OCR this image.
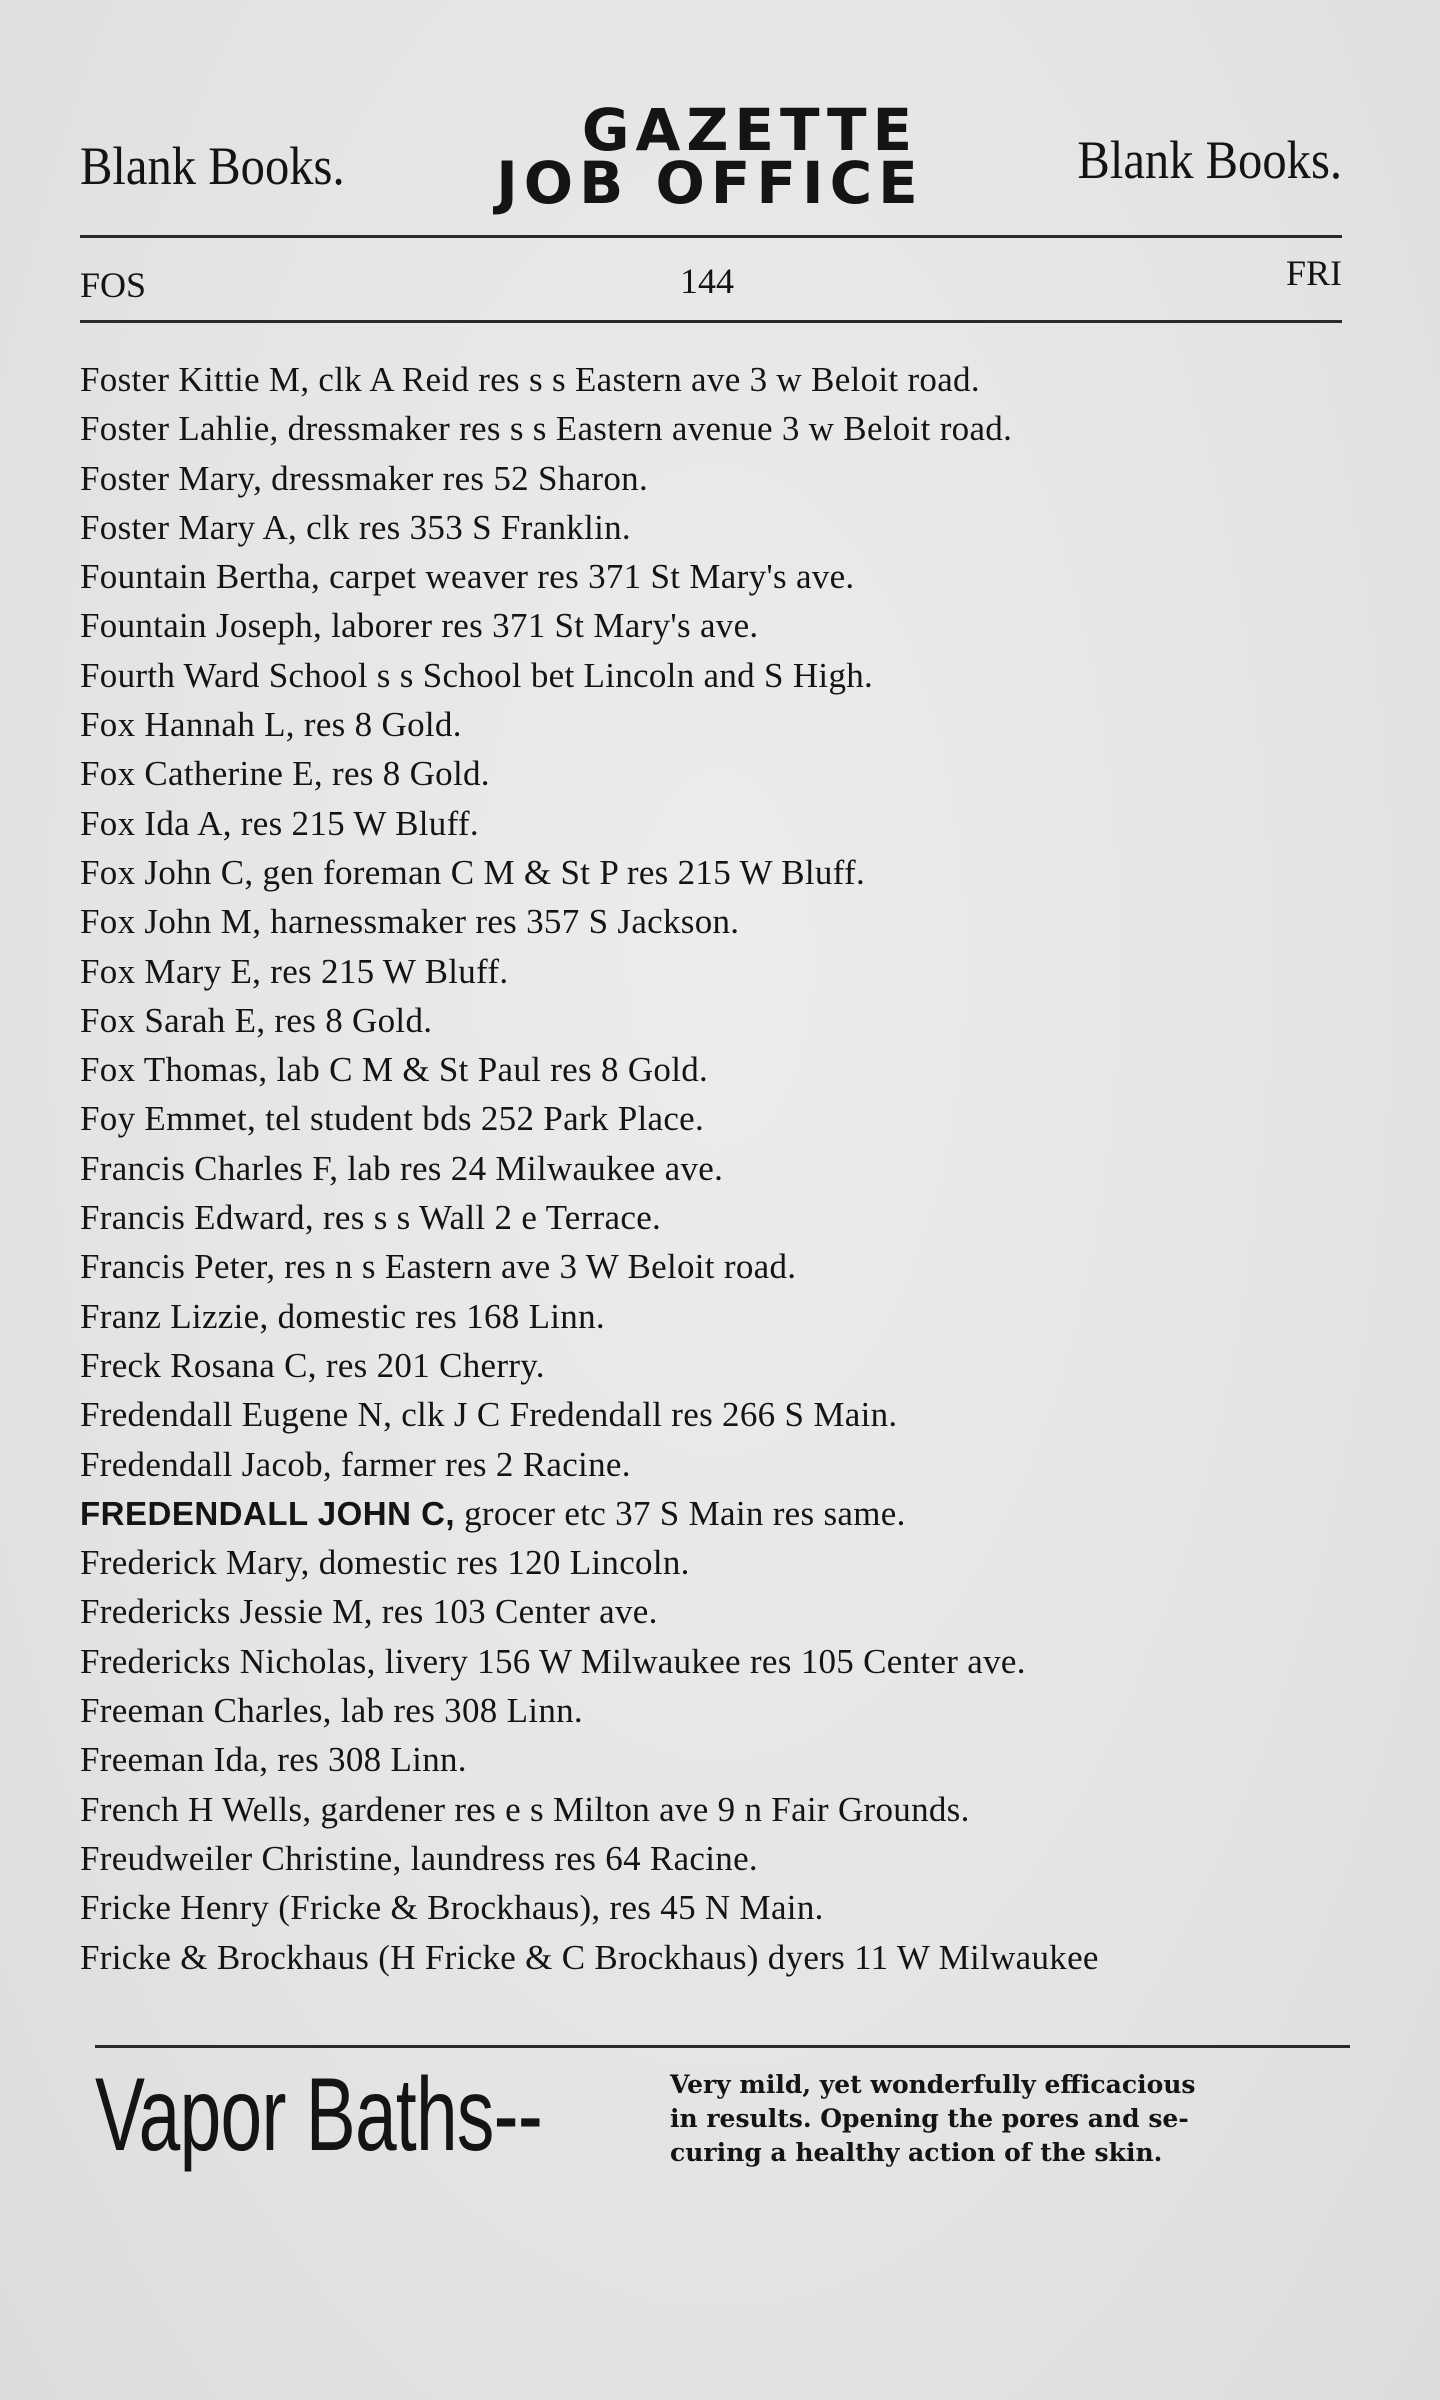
Blank Books.
GAZETTE
JOB OFFICE	Blank Books.
FOS	144	FRI
Foster Kittie M, clk A Reid res s s Eastern ave 3 w Beloit road.
Foster Lahlie, dressmaker res s s Eastern avenue 3 w Beloit road.
Foster Mary, dressmaker res 52 Sharon.
Foster Mary A, clk res 353 S Franklin.
Fountain Bertha, carpet weaver res 371 St Mary's ave.
Fountain Joseph, laborer res 371 St Mary's ave.
Fourth Ward School s s School bet Lincoln and S High.
Fox Hannah L, res 8 Gold.
Fox Catherine E, res 8 Gold.
Fox Ida A, res 215 W Bluff.
Fox John C, gen foreman C M & St P res 215 W Bluff.
Fox John M, harnessmaker res 357 S Jackson.
Fox Mary E, res 215 W Bluff.
Fox Sarah E, res 8 Gold.
Fox Thomas, lab C M & St Paul res 8 Gold.
Foy Emmet, tel student bds 252 Park Place.
Francis Charles F, lab res 24 Milwaukee ave.
Francis Edward, res s s Wall 2 e Terrace.
Francis Peter, res n s Eastern ave 3 W Beloit road.
Franz Lizzie, domestic res 168 Linn.
Freck Rosana C, res 201 Cherry.
Fredendall Eugene N, clk J C Fredendall res 266 S Main.
Fredendall Jacob, farmer res 2 Racine.
FREDENDALL JOHN C, grocer etc 37 S Main res same.
Frederick Mary, domestic res 120 Lincoln.
Fredericks Jessie M, res 103 Center ave.
Fredericks Nicholas, livery 156 W Milwaukee res 105 Center ave.
Freeman Charles, lab res 308 Linn.
Freeman Ida, res 308 Linn.
French H Wells, gardener res e s Milton ave 9 n Fair Grounds.
Freudweiler Christine, laundress res 64 Racine.
Fricke Henry (Fricke & Brockhaus), res 45 N Main.
Fricke & Brockhaus (H Fricke & C Brockhaus) dyers 11 W Milwaukee
Vapor Baths--	Very mild, yet wonderfully efficacious
in results. Opening the pores and se-
curing a healthy action of the skin.
